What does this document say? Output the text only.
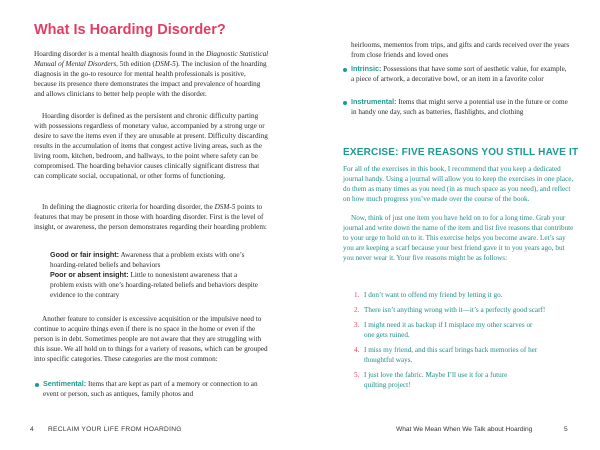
What Is Hoarding Disorder?

Hoarding disorder is a mental health diagnosis found in the Diagnostic Statistical Manual of Mental Disorders, 5th edition (DSM-5). The inclusion of the hoarding diagnosis in the go-to resource for mental health professionals is positive, because its presence there demonstrates the impact and prevalence of hoarding and allows clinicians to better help people with the disorder.

Hoarding disorder is defined as the persistent and chronic difficulty parting with possessions regardless of monetary value, accompanied by a strong urge or desire to save the items even if they are unusable at present. Difficulty discarding results in the accumulation of items that congest active living areas, such as the living room, kitchen, bedroom, and hallways, to the point where safety can be compromised. The hoarding behavior causes clinically significant distress that can complicate social, occupational, or other forms of functioning.

In defining the diagnostic criteria for hoarding disorder, the DSM-5 points to features that may be present in those with hoarding disorder. First is the level of insight, or awareness, the person demonstrates regarding their hoarding problem:

Good or fair insight: Awareness that a problem exists with one’s hoarding-related beliefs and behaviors

Poor or absent insight: Little to nonexistent awareness that a problem exists with one’s hoarding-related beliefs and behaviors despite evidence to the contrary

Another feature to consider is excessive acquisition or the impulsive need to continue to acquire things even if there is no space in the home or even if the person is in debt. Sometimes people are not aware that they are struggling with this issue. We all hold on to things for a variety of reasons, which can be grouped into specific categories. These categories are the most common:

Sentimental: Items that are kept as part of a memory or connection to an event or person, such as antiques, family photos and

4 RECLAIM YOUR LIFE FROM HOARDING

heirlooms, mementos from trips, and gifts and cards received over the years from close friends and loved ones

Intrinsic: Possessions that have some sort of aesthetic value, for example, a piece of artwork, a decorative bowl, or an item in a favorite color

Instrumental: Items that might serve a potential use in the future or come in handy one day, such as batteries, flashlights, and clothing

EXERCISE: FIVE REASONS YOU STILL HAVE IT

For all of the exercises in this book, I recommend that you keep a dedicated journal handy. Using a journal will allow you to keep the exercises in one place, do them as many times as you need (in as much space as you need), and reflect on how much progress you’ve made over the course of the book.

Now, think of just one item you have held on to for a long time. Grab your journal and write down the name of the item and list five reasons that contribute to your urge to hold on to it. This exercise helps you become aware. Let’s say you are keeping a scarf because your best friend gave it to you years ago, but you never wear it. Your five reasons might be as follows:

1. I don’t want to offend my friend by letting it go.

2. There isn’t anything wrong with it—it’s a perfectly good scarf!

3. I might need it as backup if I misplace my other scarves or one gets ruined.

4. I miss my friend, and this scarf brings back memories of her thoughtful ways.

5. I just love the fabric. Maybe I’ll use it for a future quilting project!

What We Mean When We Talk about Hoarding	5
